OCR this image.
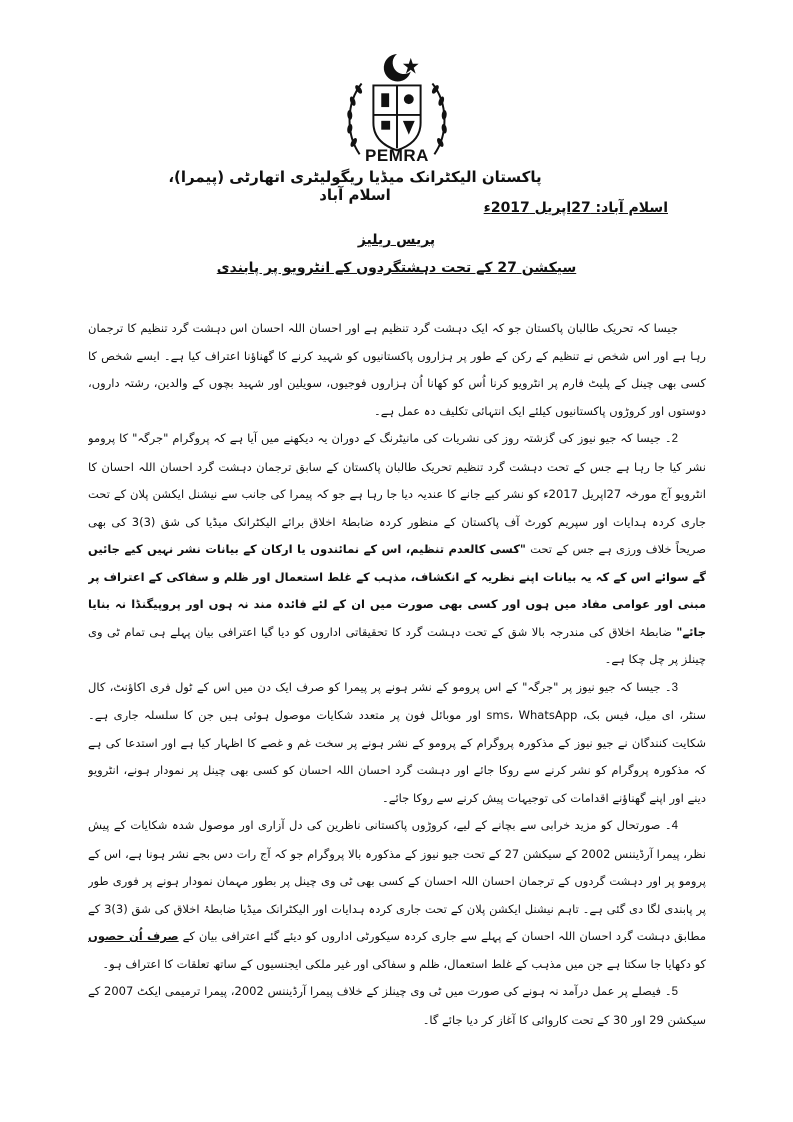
PEMRA
پاکستان الیکٹرانک میڈیا ریگولیٹری اتھارٹی (پیمرا)، اسلام آباد
اسلام آباد: 27اپریل 2017ء
پریس ریلیز
سیکشن 27 کے تحت دہشتگردوں کے انٹرویو پر پابندی

جیسا کہ تحریک طالبان پاکستان جو کہ ایک دہشت گرد تنظیم ہے اور احسان اللہ احسان اس دہشت گرد تنظیم کا ترجمان رہا ہے اور اس شخص نے تنظیم کے رکن کے طور پر ہزاروں پاکستانیوں کو شہید کرنے کا گھناؤنا اعتراف کیا ہے۔ ایسے شخص کا کسی بھی چینل کے پلیٹ فارم پر انٹرویو کرنا اُس کو کھانا اُن ہزاروں فوجیوں، سویلین اور شہید بچوں کے والدین، رشتہ داروں، دوستوں اور کروڑوں پاکستانیوں کیلئے ایک انتہائی تکلیف دہ عمل ہے۔

2۔ جیسا کہ جیو نیوز کی گزشتہ روز کی نشریات کی مانیٹرنگ کے دوران یہ دیکھنے میں آیا ہے کہ پروگرام "جرگہ" کا پرومو نشر کیا جا رہا ہے جس کے تحت دہشت گرد تنظیم تحریک طالبان پاکستان کے سابق ترجمان دہشت گرد احسان اللہ احسان کا انٹرویو آج مورخہ 27اپریل 2017ء کو نشر کیے جانے کا عندیہ دیا جا رہا ہے جو کہ پیمرا کی جانب سے نیشنل ایکشن پلان کے تحت جاری کردہ ہدایات اور سپریم کورٹ آف پاکستان کے منظور کردہ ضابطۂ اخلاق برائے الیکٹرانک میڈیا کی شق (3)3 کی بھی صریحاً خلاف ورزی ہے جس کے تحت "کسی کالعدم تنظیم، اس کے نمائندوں یا ارکان کے بیانات نشر نہیں کیے جائیں گے سوائے اس کے کہ یہ بیانات اپنے نظریہ کے انکشاف، مذہب کے غلط استعمال اور ظلم و سفاکی کے اعتراف پر مبنی اور عوامی مفاد میں ہوں اور کسی بھی صورت میں ان کے لئے فائدہ مند نہ ہوں اور پروپیگنڈا نہ بنایا جائے" ضابطۂ اخلاق کی مندرجہ بالا شق کے تحت دہشت گرد کا تحقیقاتی اداروں کو دیا گیا اعترافی بیان پہلے ہی تمام ٹی وی چینلز پر چل چکا ہے۔

3۔ جیسا کہ جیو نیوز پر "جرگہ" کے اس پرومو کے نشر ہونے پر پیمرا کو صرف ایک دن میں اس کے ٹول فری اکاؤنٹ، کال سنٹر، ای میل، فیس بک، sms، WhatsApp اور موبائل فون پر متعدد شکایات موصول ہوئی ہیں جن کا سلسلہ جاری ہے۔ شکایت کنندگان نے جیو نیوز کے مذکورہ پروگرام کے پرومو کے نشر ہونے پر سخت غم و غصے کا اظہار کیا ہے اور استدعا کی ہے کہ مذکورہ پروگرام کو نشر کرنے سے روکا جائے اور دہشت گرد احسان اللہ احسان کو کسی بھی چینل پر نمودار ہونے، انٹرویو دینے اور اپنے گھناؤنے اقدامات کی توجیہات پیش کرنے سے روکا جائے۔

4۔ صورتحال کو مزید خرابی سے بچانے کے لیے، کروڑوں پاکستانی ناظرین کی دل آزاری اور موصول شدہ شکایات کے پیش نظر، پیمرا آرڈیننس 2002 کے سیکشن 27 کے تحت جیو نیوز کے مذکورہ بالا پروگرام جو کہ آج رات دس بجے نشر ہونا ہے، اس کے پرومو پر اور دہشت گردوں کے ترجمان احسان اللہ احسان کے کسی بھی ٹی وی چینل پر بطور مہمان نمودار ہونے پر فوری طور پر پابندی لگا دی گئی ہے۔ تاہم نیشنل ایکشن پلان کے تحت جاری کردہ ہدایات اور الیکٹرانک میڈیا ضابطۂ اخلاق کی شق (3)3 کے مطابق دہشت گرد احسان اللہ احسان کے پہلے سے جاری کردہ سیکورٹی اداروں کو دیئے گئے اعترافی بیان کے صرف اُن حصوں کو دکھایا جا سکتا ہے جن میں مذہب کے غلط استعمال، ظلم و سفاکی اور غیر ملکی ایجنسیوں کے ساتھ تعلقات کا اعتراف ہو۔

5۔ فیصلے پر عمل درآمد نہ ہونے کی صورت میں ٹی وی چینلز کے خلاف پیمرا آرڈیننس 2002، پیمرا ترمیمی ایکٹ 2007 کے سیکشن 29 اور 30 کے تحت کاروائی کا آغاز کر دیا جائے گا۔
